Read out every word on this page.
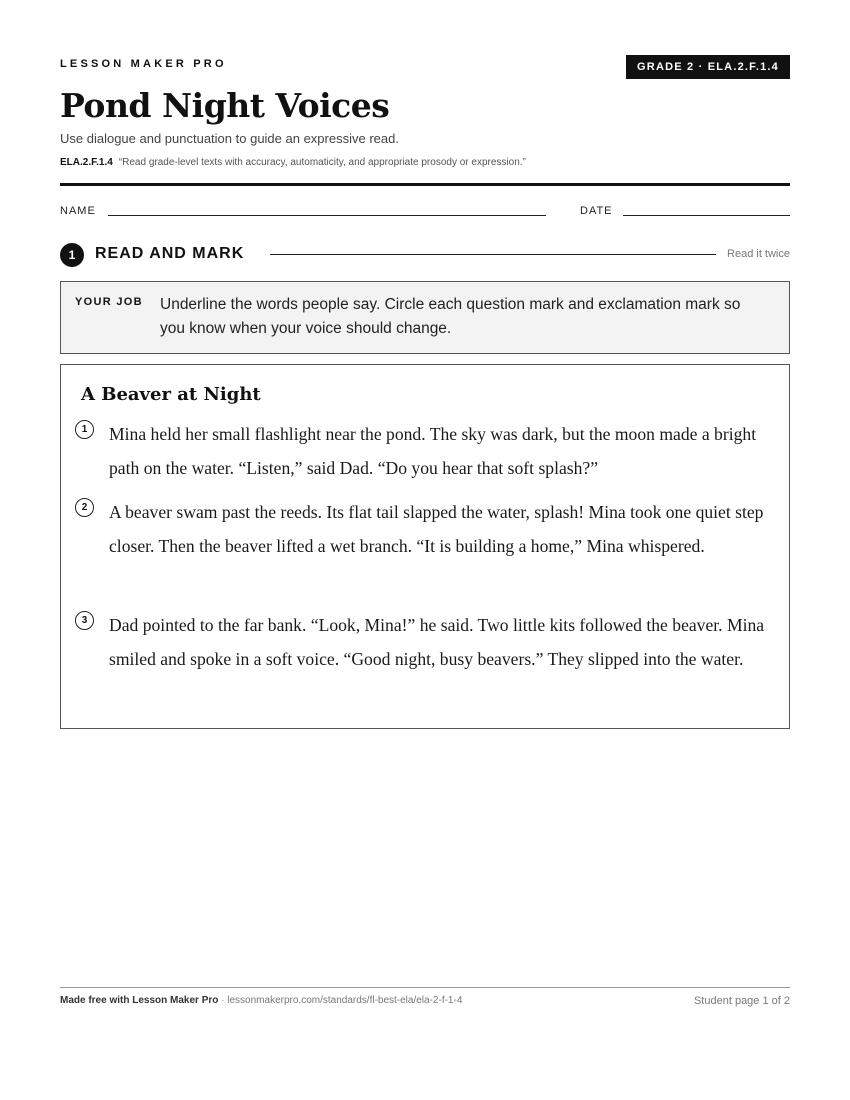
LESSON MAKER PRO	GRADE 2 · ELA.2.F.1.4
Pond Night Voices
Use dialogue and punctuation to guide an expressive read.
ELA.2.F.1.4 “Read grade-level texts with accuracy, automaticity, and appropriate prosody or expression.”
NAME	DATE
1	READ AND MARK	Read it twice
YOUR JOB Underline the words people say. Circle each question mark and exclamation mark so you know when your voice should change.
A Beaver at Night
1	Mina held her small flashlight near the pond. The sky was dark, but the moon made a bright path on the water. “Listen,” said Dad. “Do you hear that soft splash?”
2	A beaver swam past the reeds. Its flat tail slapped the water, splash! Mina took one quiet step closer. Then the beaver lifted a wet branch. “It is building a home,” Mina whispered.
3	Dad pointed to the far bank. “Look, Mina!” he said. Two little kits followed the beaver. Mina smiled and spoke in a soft voice. “Good night, busy beavers.” They slipped into the water.
Made free with Lesson Maker Pro · lessonmakerpro.com/standards/fl-best-ela/ela-2-f-1-4	Student page 1 of 2
